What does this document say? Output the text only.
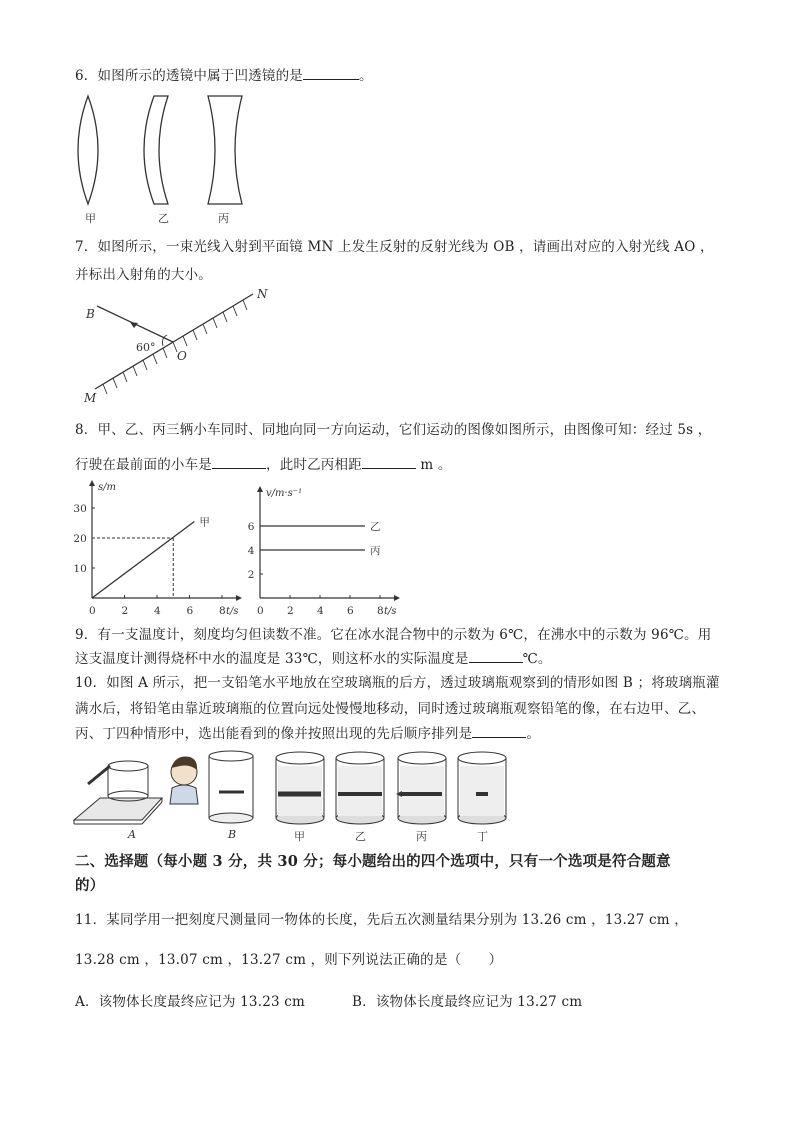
6．如图所示的透镜中属于凹透镜的是	。
甲	乙	丙
7．如图所示，一束光线入射到平面镜 MN 上发生反射的反射光线为 OB ，请画出对应的入射光线 AO ，
并标出入射角的大小。
B
N
O
M
60°
8．甲、乙、丙三辆小车同时、同地向同一方向运动，它们运动的图像如图所示，由图像可知：经过 5s ，
行驶在最前面的小车是	，此时乙丙相距	m 。
s/m
t/s
0 2 4 6 8
10
20
30
甲
v/m·s⁻¹
t/s
0 2 4 6 8
2
4
6	乙
丙
9．有一支温度计，刻度均匀但读数不准。它在冰水混合物中的示数为 6℃，在沸水中的示数为 96℃。用
这支温度计测得烧杯中水的温度是 33℃，则这杯水的实际温度是	℃。
10．如图 A 所示，把一支铅笔水平地放在空玻璃瓶的后方，透过玻璃瓶观察到的情形如图 B ；将玻璃瓶灌
满水后，将铅笔由靠近玻璃瓶的位置向远处慢慢地移动，同时透过玻璃瓶观察铅笔的像，在右边甲、乙、
丙、丁四种情形中，选出能看到的像并按照出现的先后顺序排列是	。
A	B	甲	乙	丙	丁
二、选择题（每小题 3 分，共 30 分；每小题给出的四个选项中，只有一个选项是符合题意
的）
11．某同学用一把刻度尺测量同一物体的长度，先后五次测量结果分别为 13.26 cm ，13.27 cm ，
13.28 cm ，13.07 cm ，13.27 cm ，则下列说法正确的是（　　）
A．该物体长度最终应记为 13.23 cm	B．该物体长度最终应记为 13.27 cm
